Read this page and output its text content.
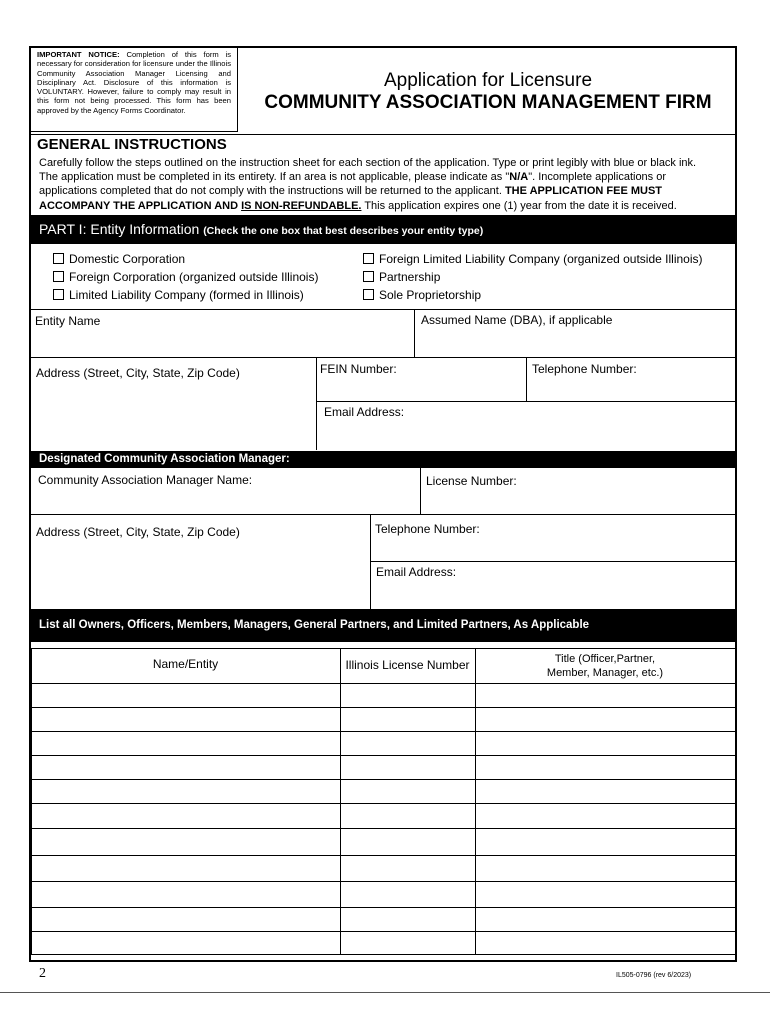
IMPORTANT NOTICE: Completion of this form is necessary for consideration for licensure under the Illinois Community Association Manager Licensing and Disciplinary Act. Disclosure of this information is VOLUNTARY. However, failure to comply may result in this form not being processed. This form has been approved by the Agency Forms Coordinator.
Application for Licensure
COMMUNITY ASSOCIATION MANAGEMENT FIRM
GENERAL INSTRUCTIONS
Carefully follow the steps outlined on the instruction sheet for each section of the application. Type or print legibly with blue or black ink.
The application must be completed in its entirety. If an area is not applicable, please indicate as "N/A". Incomplete applications or
applications completed that do not comply with the instructions will be returned to the applicant. THE APPLICATION FEE MUST
ACCOMPANY THE APPLICATION AND IS NON-REFUNDABLE. This application expires one (1) year from the date it is received.
PART I: Entity Information (Check the one box that best describes your entity type)
Domestic Corporation
Foreign Corporation (organized outside Illinois)
Limited Liability Company (formed in Illinois)
Foreign Limited Liability Company (organized outside Illinois)
Partnership
Sole Proprietorship
Entity Name	Assumed Name (DBA), if applicable
Address (Street, City, State, Zip Code)	FEIN Number:	Telephone Number:
Email Address:
Designated Community Association Manager:
Community Association Manager Name:	License Number:
Address (Street, City, State, Zip Code)	Telephone Number:
Email Address:
List all Owners, Officers, Members, Managers, General Partners, and Limited Partners, As Applicable
Name/Entity	Illinois License Number	Title (Officer,Partner,
Member, Manager, etc.)
2	IL505-0796 (rev 6/2023)
